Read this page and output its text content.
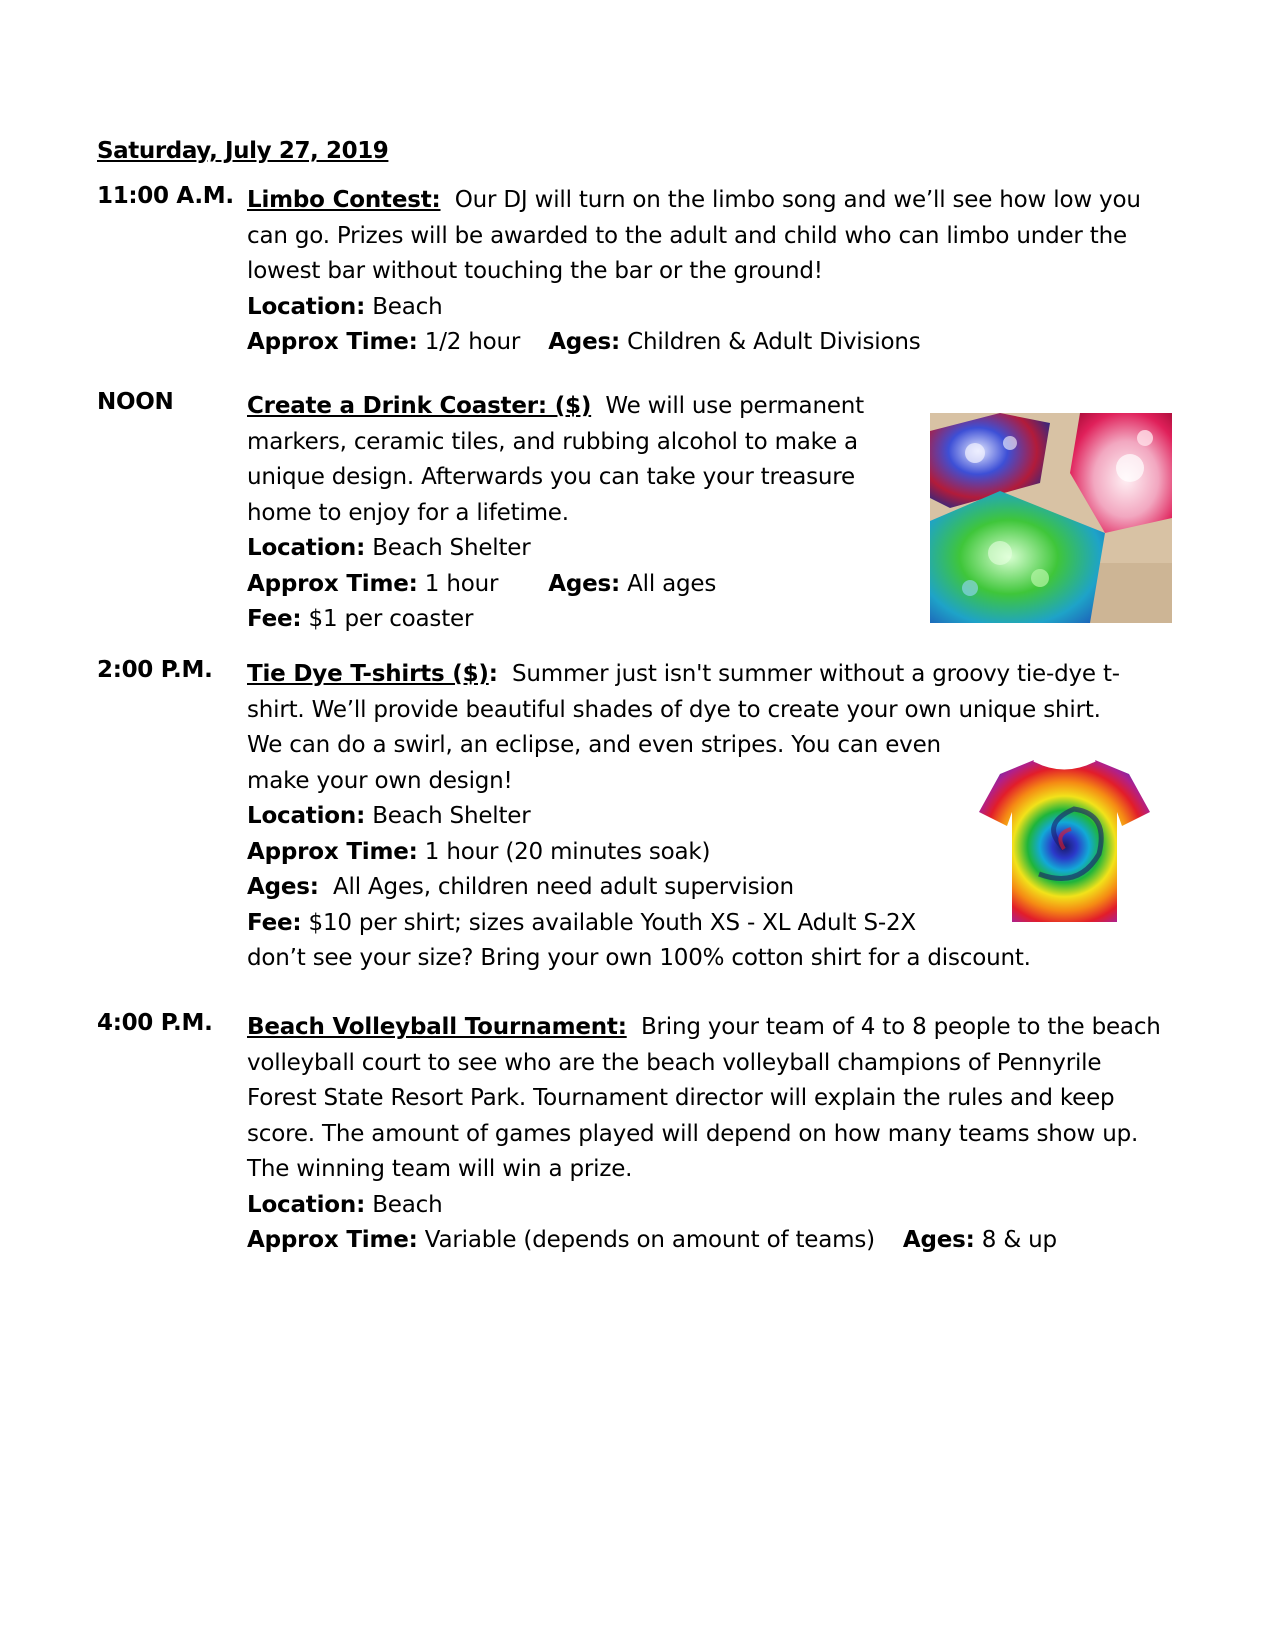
Saturday, July 27, 2019
11:00 A.M. Limbo Contest: Our DJ will turn on the limbo song and we’ll see how low you
can go. Prizes will be awarded to the adult and child who can limbo under the
lowest bar without touching the bar or the ground!
Location: Beach
Approx Time: 1/2 hour Ages: Children & Adult Divisions
NOON	Create a Drink Coaster: ($) We will use permanent
markers, ceramic tiles, and rubbing alcohol to make a
unique design. Afterwards you can take your treasure
home to enjoy for a lifetime.
Location: Beach Shelter
Approx Time: 1 hour Ages: All ages
Fee: $1 per coaster
2:00 P.M. Tie Dye T-shirts ($): Summer just isn't summer without a groovy tie-dye t-
shirt. We’ll provide beautiful shades of dye to create your own unique shirt.
We can do a swirl, an eclipse, and even stripes. You can even
make your own design!
Location: Beach Shelter
Approx Time: 1 hour (20 minutes soak)
Ages: All Ages, children need adult supervision
Fee: $10 per shirt; sizes available Youth XS - XL Adult S-2X
don’t see your size? Bring your own 100% cotton shirt for a discount.
4:00 P.M. Beach Volleyball Tournament: Bring your team of 4 to 8 people to the beach
volleyball court to see who are the beach volleyball champions of Pennyrile
Forest State Resort Park. Tournament director will explain the rules and keep
score. The amount of games played will depend on how many teams show up.
The winning team will win a prize.
Location: Beach
Approx Time: Variable (depends on amount of teams) Ages: 8 & up
